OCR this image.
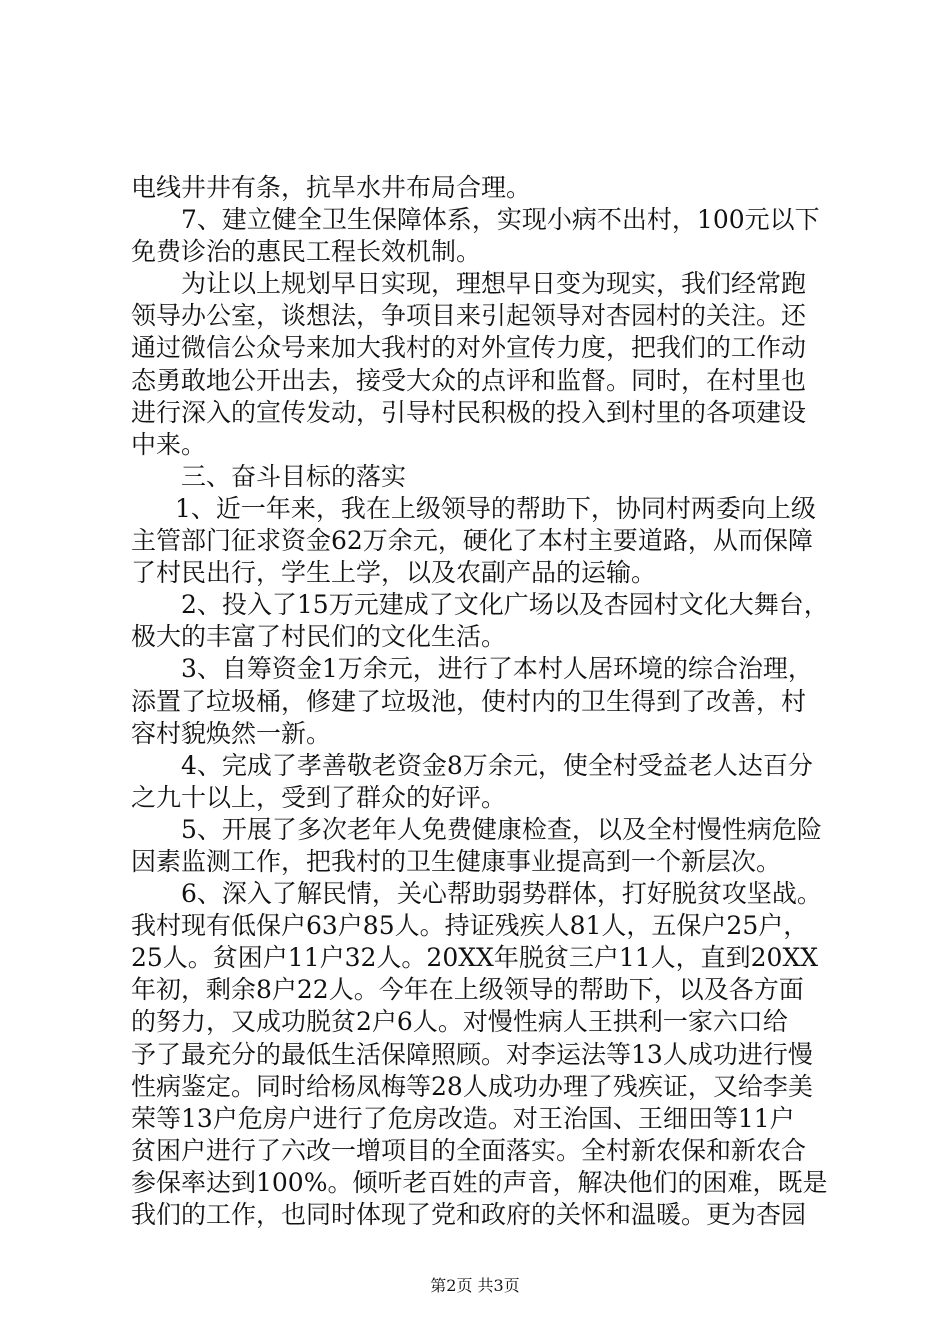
电线井井有条，抗旱水井布局合理。
7、建立健全卫生保障体系，实现小病不出村，100元以下
免费诊治的惠民工程长效机制。
为让以上规划早日实现，理想早日变为现实，我们经常跑
领导办公室，谈想法，争项目来引起领导对杏园村的关注。还
通过微信公众号来加大我村的对外宣传力度，把我们的工作动
态勇敢地公开出去，接受大众的点评和监督。同时，在村里也
进行深入的宣传发动，引导村民积极的投入到村里的各项建设
中来。
三、奋斗目标的落实
1、近一年来，我在上级领导的帮助下，协同村两委向上级
主管部门征求资金62万余元，硬化了本村主要道路，从而保障
了村民出行，学生上学，以及农副产品的运输。
2、投入了15万元建成了文化广场以及杏园村文化大舞台，
极大的丰富了村民们的文化生活。
3、自筹资金1万余元，进行了本村人居环境的综合治理，
添置了垃圾桶，修建了垃圾池，使村内的卫生得到了改善，村
容村貌焕然一新。
4、完成了孝善敬老资金8万余元，使全村受益老人达百分
之九十以上，受到了群众的好评。
5、开展了多次老年人免费健康检查，以及全村慢性病危险
因素监测工作，把我村的卫生健康事业提高到一个新层次。
6、深入了解民情，关心帮助弱势群体，打好脱贫攻坚战。
我村现有低保户63户85人。持证残疾人81人，五保户25户，
25人。贫困户11户32人。20XX年脱贫三户11人，直到20XX
年初，剩余8户22人。今年在上级领导的帮助下，以及各方面
的努力，又成功脱贫2户6人。对慢性病人王拱利一家六口给
予了最充分的最低生活保障照顾。对李运法等13人成功进行慢
性病鉴定。同时给杨凤梅等28人成功办理了残疾证，又给李美
荣等13户危房户进行了危房改造。对王治国、王细田等11户
贫困户进行了六改一增项目的全面落实。全村新农保和新农合
参保率达到100%。倾听老百姓的声音，解决他们的困难，既是
我们的工作，也同时体现了党和政府的关怀和温暖。更为杏园
第2页 共3页
